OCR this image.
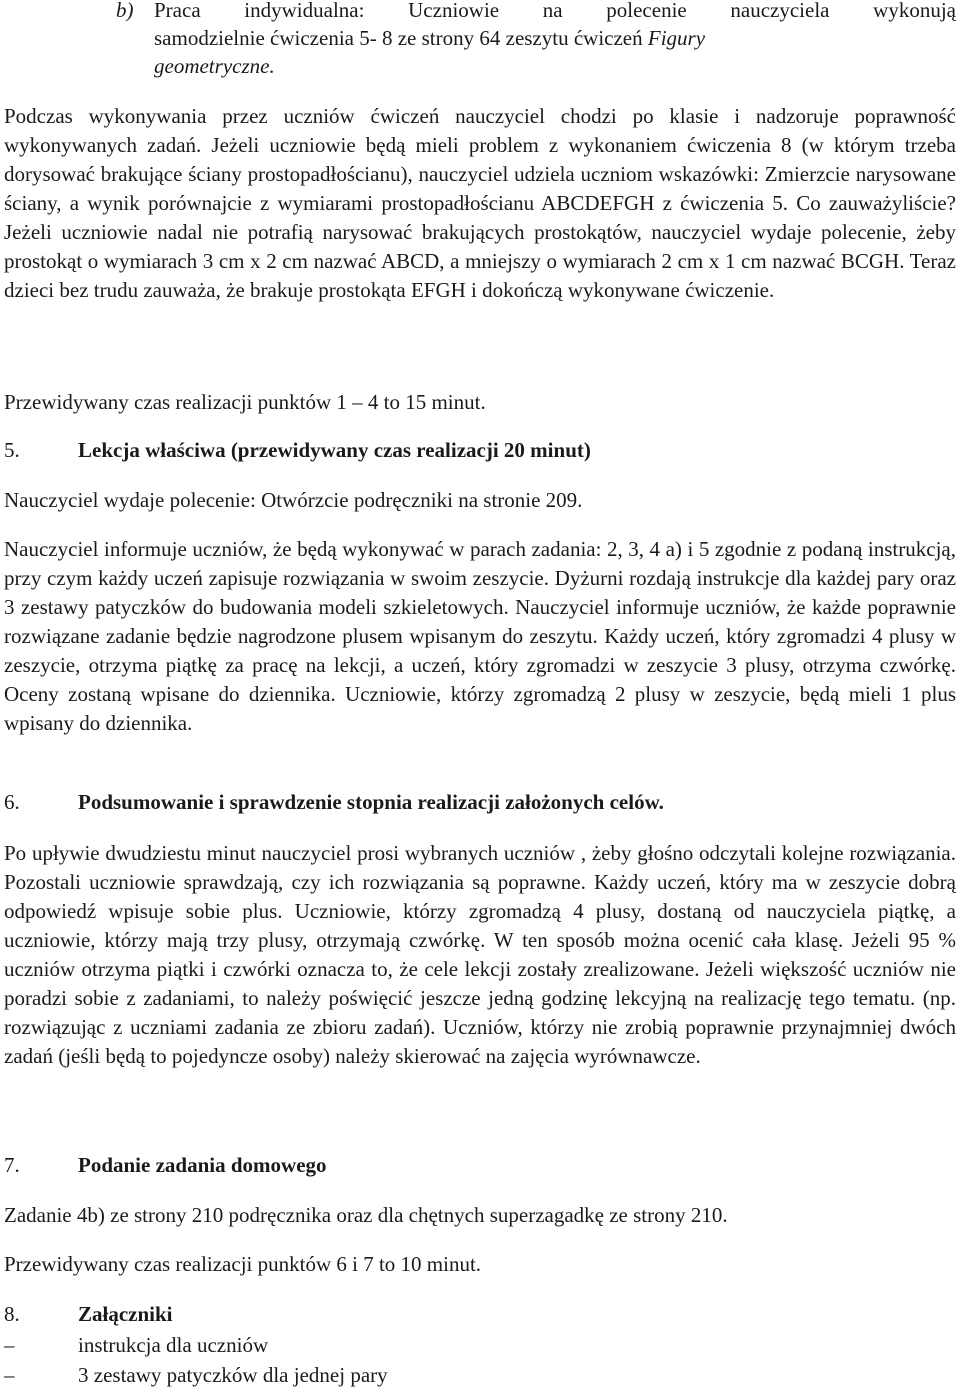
b) Praca indywidualna: Uczniowie na polecenie nauczyciela wykonują

samodzielnie ćwiczenia 5- 8 ze strony 64 zeszytu ćwiczeń Figury

geometryczne.

Podczas wykonywania przez uczniów ćwiczeń nauczyciel chodzi po klasie i nadzoruje poprawność wykonywanych zadań. Jeżeli uczniowie będą mieli problem z wykonaniem ćwiczenia 8 (w którym trzeba dorysować brakujące ściany prostopadłościanu), nauczyciel udziela uczniom wskazówki: Zmierzcie narysowane ściany, a wynik porównajcie z wymiarami prostopadłościanu ABCDEFGH z ćwiczenia 5. Co zauważyliście? Jeżeli uczniowie nadal nie potrafią narysować brakujących prostokątów, nauczyciel wydaje polecenie, żeby prostokąt o wymiarach 3 cm x 2 cm nazwać ABCD, a mniejszy o wymiarach 2 cm x 1 cm nazwać BCGH. Teraz dzieci bez trudu zauważa, że brakuje prostokąta EFGH i dokończą wykonywane ćwiczenie.

Przewidywany czas realizacji punktów 1 – 4 to 15 minut.

5.	Lekcja właściwa (przewidywany czas realizacji 20 minut)

Nauczyciel wydaje polecenie: Otwórzcie podręczniki na stronie 209.

Nauczyciel informuje uczniów, że będą wykonywać w parach zadania: 2, 3, 4 a) i 5 zgodnie z podaną instrukcją, przy czym każdy uczeń zapisuje rozwiązania w swoim zeszycie. Dyżurni rozdają instrukcje dla każdej pary oraz 3 zestawy patyczków do budowania modeli szkieletowych. Nauczyciel informuje uczniów, że każde poprawnie rozwiązane zadanie będzie nagrodzone plusem wpisanym do zeszytu. Każdy uczeń, który zgromadzi 4 plusy w zeszycie, otrzyma piątkę za pracę na lekcji, a uczeń, który zgromadzi w zeszycie 3 plusy, otrzyma czwórkę. Oceny zostaną wpisane do dziennika. Uczniowie, którzy zgromadzą 2 plusy w zeszycie, będą mieli 1 plus wpisany do dziennika.

6.	Podsumowanie i sprawdzenie stopnia realizacji założonych celów.

Po upływie dwudziestu minut nauczyciel prosi wybranych uczniów , żeby głośno odczytali kolejne rozwiązania. Pozostali uczniowie sprawdzają, czy ich rozwiązania są poprawne. Każdy uczeń, który ma w zeszycie dobrą odpowiedź wpisuje sobie plus. Uczniowie, którzy zgromadzą 4 plusy, dostaną od nauczyciela piątkę, a uczniowie, którzy mają trzy plusy, otrzymają czwórkę. W ten sposób można ocenić cała klasę. Jeżeli 95 % uczniów otrzyma piątki i czwórki oznacza to, że cele lekcji zostały zrealizowane. Jeżeli większość uczniów nie poradzi sobie z zadaniami, to należy poświęcić jeszcze jedną godzinę lekcyjną na realizację tego tematu. (np. rozwiązując z uczniami zadania ze zbioru zadań). Uczniów, którzy nie zrobią poprawnie przynajmniej dwóch zadań (jeśli będą to pojedyncze osoby) należy skierować na zajęcia wyrównawcze.

7.	Podanie zadania domowego

Zadanie 4b) ze strony 210 podręcznika oraz dla chętnych superzagadkę ze strony 210.

Przewidywany czas realizacji punktów 6 i 7 to 10 minut.

8.	Załączniki
–	instrukcja dla uczniów
–	3 zestawy patyczków dla jednej pary
